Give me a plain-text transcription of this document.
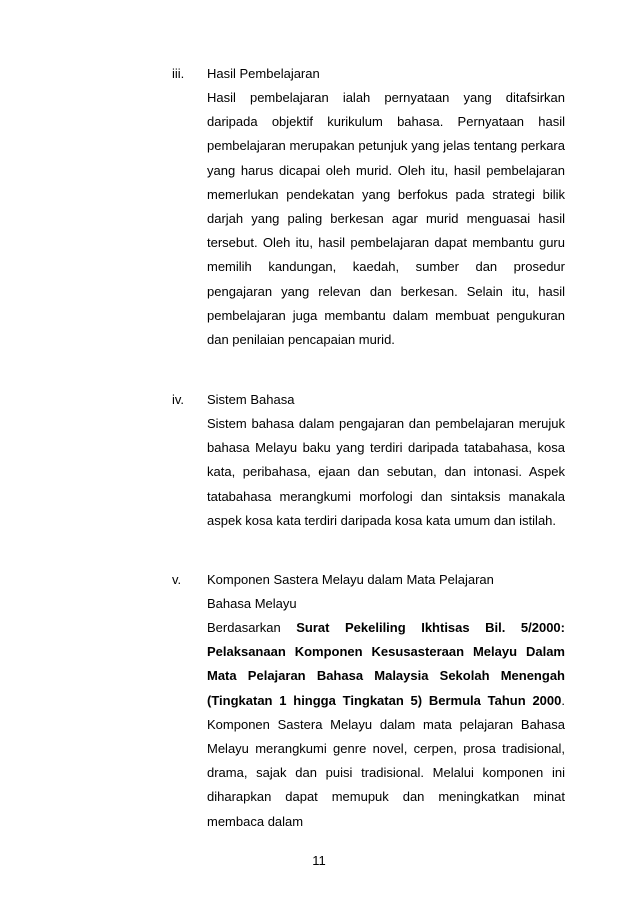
iii. Hasil Pembelajaran
Hasil pembelajaran ialah pernyataan yang ditafsirkan daripada objektif kurikulum bahasa. Pernyataan hasil pembelajaran merupakan petunjuk yang jelas tentang perkara yang harus dicapai oleh murid. Oleh itu, hasil pembelajaran memerlukan pendekatan yang berfokus pada strategi bilik darjah yang paling berkesan agar murid menguasai hasil tersebut. Oleh itu, hasil pembelajaran dapat membantu guru memilih kandungan, kaedah, sumber dan prosedur pengajaran yang relevan dan berkesan. Selain itu, hasil pembelajaran juga membantu dalam membuat pengukuran dan penilaian pencapaian murid.
iv. Sistem Bahasa
Sistem bahasa dalam pengajaran dan pembelajaran merujuk bahasa Melayu baku yang terdiri daripada tatabahasa, kosa kata, peribahasa, ejaan dan sebutan, dan intonasi. Aspek tatabahasa merangkumi morfologi dan sintaksis manakala aspek kosa kata terdiri daripada kosa kata umum dan istilah.
v. Komponen Sastera Melayu dalam Mata Pelajaran
Bahasa Melayu
Berdasarkan Surat Pekeliling Ikhtisas Bil. 5/2000: Pelaksanaan Komponen Kesusasteraan Melayu Dalam Mata Pelajaran Bahasa Malaysia Sekolah Menengah (Tingkatan 1 hingga Tingkatan 5) Bermula Tahun 2000. Komponen Sastera Melayu dalam mata pelajaran Bahasa Melayu merangkumi genre novel, cerpen, prosa tradisional, drama, sajak dan puisi tradisional. Melalui komponen ini diharapkan dapat memupuk dan meningkatkan minat membaca dalam
11
